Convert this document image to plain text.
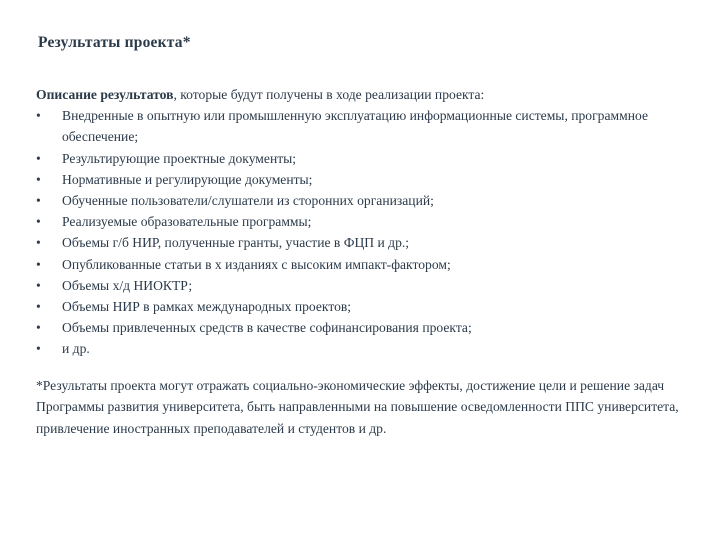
Результаты проекта*
Описание результатов, которые будут получены в ходе реализации проекта:
• Внедренные в опытную или промышленную эксплуатацию информационные системы, программное обеспечение;
• Результирующие проектные документы;
• Нормативные и регулирующие документы;
• Обученные пользователи/слушатели из сторонних организаций;
• Реализуемые образовательные программы;
• Объемы г/б НИР, полученные гранты, участие в ФЦП и др.;
• Опубликованные статьи в х изданиях с высоким импакт-фактором;
• Объемы х/д НИОКТР;
• Объемы НИР в рамках международных проектов;
• Объемы привлеченных средств в качестве софинансирования проекта;
• и др.
*Результаты проекта могут отражать социально-экономические эффекты, достижение цели и решение задач Программы развития университета, быть направленными на повышение осведомленности ППС университета, привлечение иностранных преподавателей и студентов и др.
